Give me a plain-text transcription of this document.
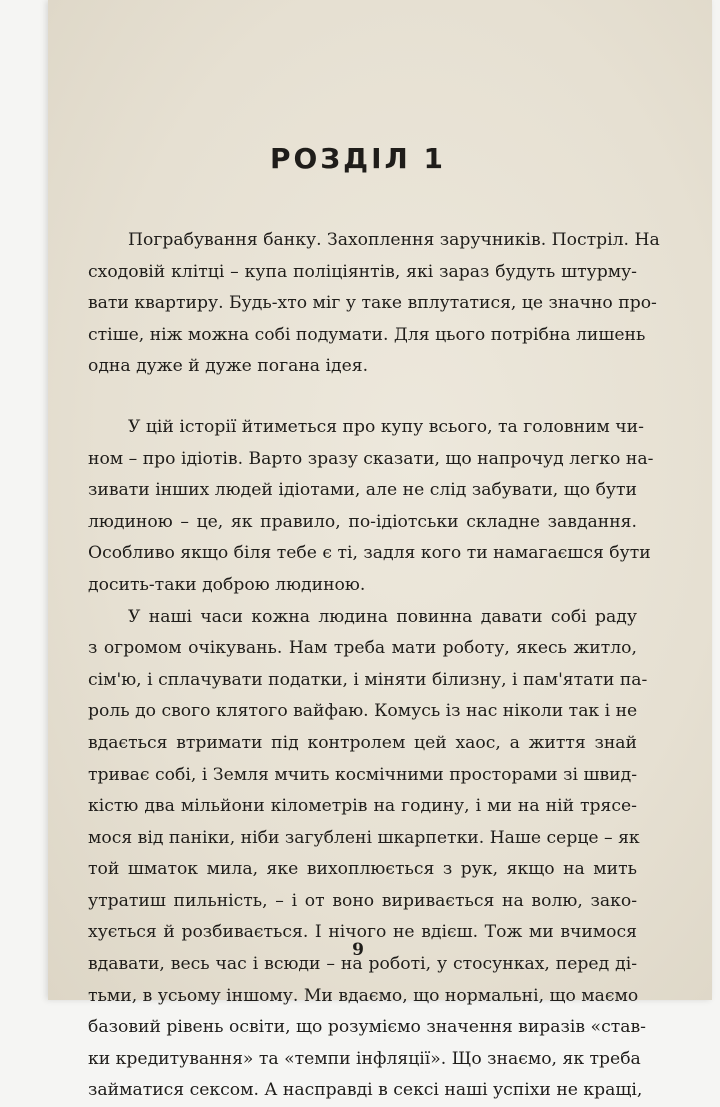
РОЗДІЛ 1
Пограбування банку. Захоплення заручників. Постріл. На
сходовій клітці – купа поліціянтів, які зараз будуть штурму-
вати квартиру. Будь-хто міг у таке вплутатися, це значно про-
стіше, ніж можна собі подумати. Для цього потрібна лишень
одна дуже й дуже погана ідея.
У цій історії йтиметься про купу всього, та головним чи-
ном – про ідіотів. Варто зразу сказати, що напрочуд легко на-
зивати інших людей ідіотами, але не слід забувати, що бути
людиною – це, як правило, по-ідіотськи складне завдання.
Особливо якщо біля тебе є ті, задля кого ти намагаєшся бути
досить-таки доброю людиною.
У наші часи кожна людина повинна давати собі раду
з огромом очікувань. Нам треба мати роботу, якесь житло,
сім'ю, і сплачувати податки, і міняти білизну, і пам'ятати па-
роль до свого клятого вайфаю. Комусь із нас ніколи так і не
вдається втримати під контролем цей хаос, а життя знай
триває собі, і Земля мчить космічними просторами зі швид-
кістю два мільйони кілометрів на годину, і ми на ній трясе-
мося від паніки, ніби загублені шкарпетки. Наше серце – як
той шматок мила, яке вихоплюється з рук, якщо на мить
утратиш пильність, – і от воно виривається на волю, зако-
хується й розбивається. І нічого не вдієш. Тож ми вчимося
вдавати, весь час і всюди – на роботі, у стосунках, перед ді-
тьми, в усьому іншому. Ми вдаємо, що нормальні, що маємо
базовий рівень освіти, що розуміємо значення виразів «став-
ки кредитування» та «темпи інфляції». Що знаємо, як треба
займатися сексом. А насправді в сексі наші успіхи не кращі,
9
